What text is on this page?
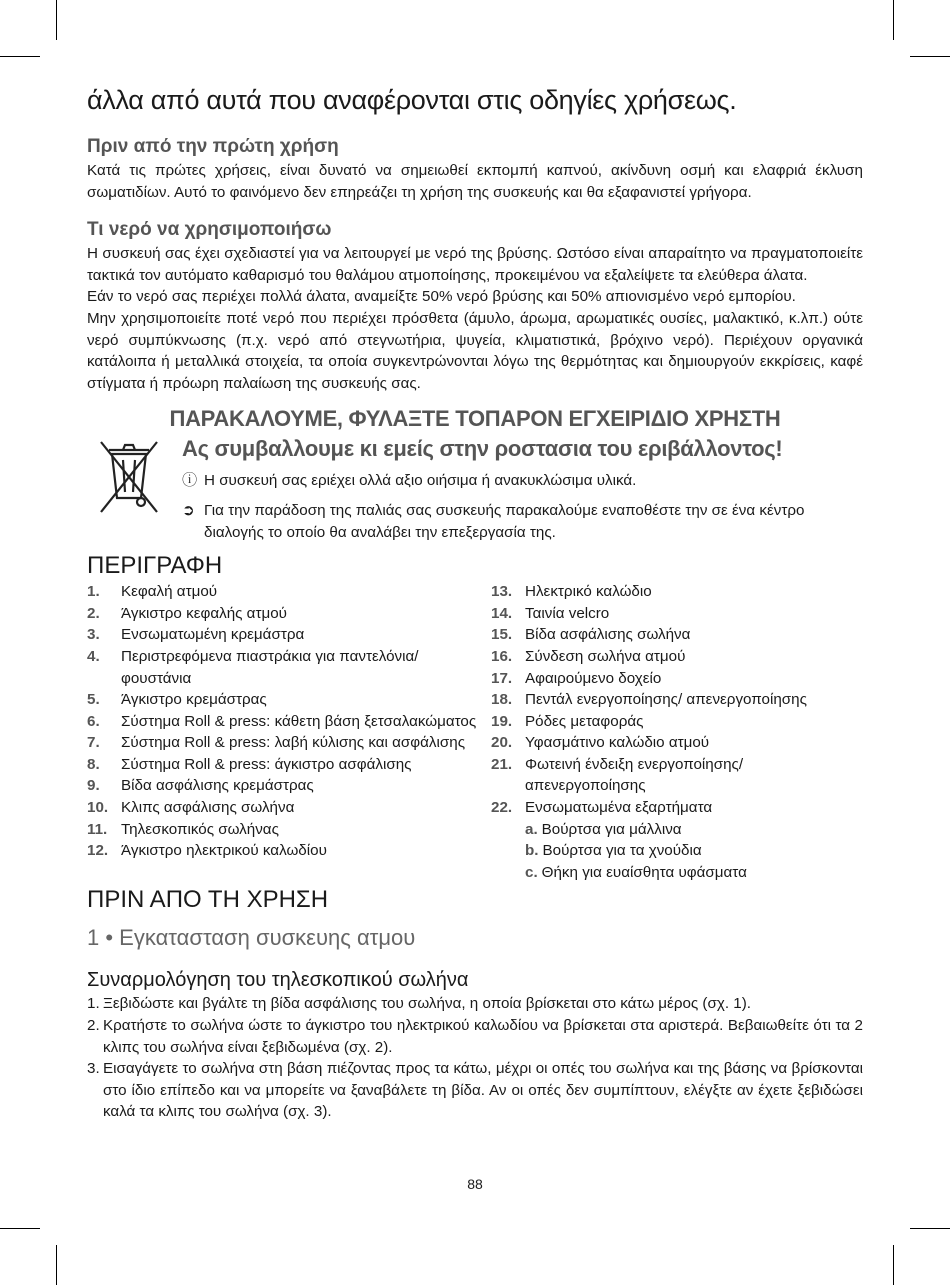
άλλα από αυτά που αναφέρονται στις οδηγίες χρήσεως.
Πριν από την πρώτη χρήση

Κατά τις πρώτες χρήσεις, είναι δυνατό να σημειωθεί εκπομπή καπνού, ακίνδυνη οσμή και ελαφριά έκλυση σωματιδίων. Αυτό το φαινόμενο δεν επηρεάζει τη χρήση της συσκευής και θα εξαφανιστεί γρήγορα.

Τι νερό να χρησιμοποιήσω

Η συσκευή σας έχει σχεδιαστεί για να λειτουργεί με νερό της βρύσης. Ωστόσο είναι απαραίτητο να πραγματοποιείτε τακτικά τον αυτόματο καθαρισμό του θαλάμου ατμοποίησης, προκειμένου να εξαλείψετε τα ελεύθερα άλατα.

Εάν το νερό σας περιέχει πολλά άλατα, αναμείξτε 50% νερό βρύσης και 50% απιονισμένο νερό εμπορίου.

Μην χρησιμοποιείτε ποτέ νερό που περιέχει πρόσθετα (άμυλο, άρωμα, αρωματικές ουσίες, μαλακτικό, κ.λπ.) ούτε νερό συμπύκνωσης (π.χ. νερό από στεγνωτήρια, ψυγεία, κλιματιστικά, βρόχινο νερό). Περιέχουν οργανικά κατάλοιπα ή μεταλλικά στοιχεία, τα οποία συγκεντρώνονται λόγω της θερμότητας και δημιουργούν εκκρίσεις, καφέ στίγματα ή πρόωρη παλαίωση της συσκευής σας.

ΠΑΡΑΚΑΛΟΥΜΕ, ΦΥΛΑΞΤΕ ΤΟΠΑΡΟΝ ΕΓΧΕΙΡΙΔΙΟ ΧΡΗΣΤΗ
Ας συμβαλλουμε κι εμείς στην ροστασια του εριβάλλοντος!
ⓘ Η συσκευή σας εριέχει ολλά αξιο οιήσιμα ή ανακυκλώσιμα υλικά.
➲ Για την παράδοση της παλιάς σας συσκευής παρακαλούμε εναποθέστε την σε ένα κέντρο διαλογής το οποίο θα αναλάβει την επεξεργασία της.
ΠΕΡΙΓΡΑΦΗ
1.	Κεφαλή ατμού
2.	Άγκιστρο κεφαλής ατμού
3.	Ενσωματωμένη κρεμάστρα
4.	Περιστρεφόμενα πιαστράκια για παντελόνια/ φουστάνια
5.	Άγκιστρο κρεμάστρας
6.	Σύστημα Roll & press: κάθετη βάση ξετσαλακώματος
7.	Σύστημα Roll & press: λαβή κύλισης και ασφάλισης
8.	Σύστημα Roll & press: άγκιστρο ασφάλισης
9.	Βίδα ασφάλισης κρεμάστρας
10. Κλιπς ασφάλισης σωλήνα
11. Τηλεσκοπικός σωλήνας
12. Άγκιστρο ηλεκτρικού καλωδίου
13. Ηλεκτρικό καλώδιο
14. Ταινία velcro
15. Βίδα ασφάλισης σωλήνα
16. Σύνδεση σωλήνα ατμού
17. Αφαιρούμενο δοχείο
18. Πεντάλ ενεργοποίησης/ απενεργοποίησης
19. Ρόδες μεταφοράς
20. Υφασμάτινο καλώδιο ατμού
21. Φωτεινή ένδειξη ενεργοποίησης/ απενεργοποίησης
22. Ενσωματωμένα εξαρτήματα
a. Βούρτσα για μάλλινα
b. Βούρτσα για τα χνούδια
c. Θήκη για ευαίσθητα υφάσματα
ΠΡΙΝ ΑΠΟ ΤΗ ΧΡΗΣΗ
1 • Εγκατασταση συσκευης ατμου
Συναρμολόγηση του τηλεσκοπικού σωλήνα
1. Ξεβιδώστε και βγάλτε τη βίδα ασφάλισης του σωλήνα, η οποία βρίσκεται στο κάτω μέρος (σχ. 1).
2. Κρατήστε το σωλήνα ώστε το άγκιστρο του ηλεκτρικού καλωδίου να βρίσκεται στα αριστερά. Βεβαιωθείτε ότι τα 2 κλιπς του σωλήνα είναι ξεβιδωμένα (σχ. 2).
3. Εισαγάγετε το σωλήνα στη βάση πιέζοντας προς τα κάτω, μέχρι οι οπές του σωλήνα και της βάσης να βρίσκονται στο ίδιο επίπεδο και να μπορείτε να ξαναβάλετε τη βίδα. Αν οι οπές δεν συμπίπτουν, ελέγξτε αν έχετε ξεβιδώσει καλά τα κλιπς του σωλήνα (σχ. 3).
88
